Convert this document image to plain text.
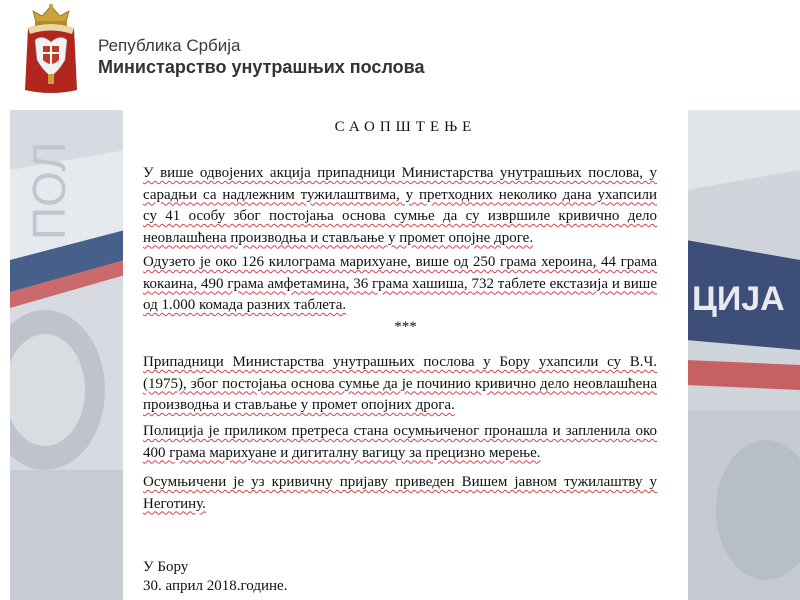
Република Србија
Министарство унутрашњих послова
ПОЛ
ЦИЈА

САОПШТЕЊЕ

У више одвојених акција припадници Министарства унутрашњих послова, у сарадњи са надлежним тужилаштвима, у претходних неколико дана ухапсили су 41 особу због постојања основа сумње да су извршиле кривично дело неовлашћена производња и стављање у промет опојне дроге.

Одузето је око 126 килограма марихуане, више од 250 грама хероина, 44 грама кокаина, 490 грама амфетамина, 36 грама хашиша, 732 таблете екстазија и више од 1.000 комада разних таблета.

***

Припадници Министарства унутрашњих послова у Бору ухапсили су В.Ч. (1975), због постојања основа сумње да је починио кривично дело неовлашћена производња и стављање у промет опојних дрога.

Полиција је приликом претреса стана осумњиченог пронашла и запленила око 400 грама марихуане и дигиталну вагицу за прецизно мерење.

Осумњичени је уз кривичну пријаву приведен Вишем јавном тужилаштву у Неготину.

У Бору

30. април 2018.године.
